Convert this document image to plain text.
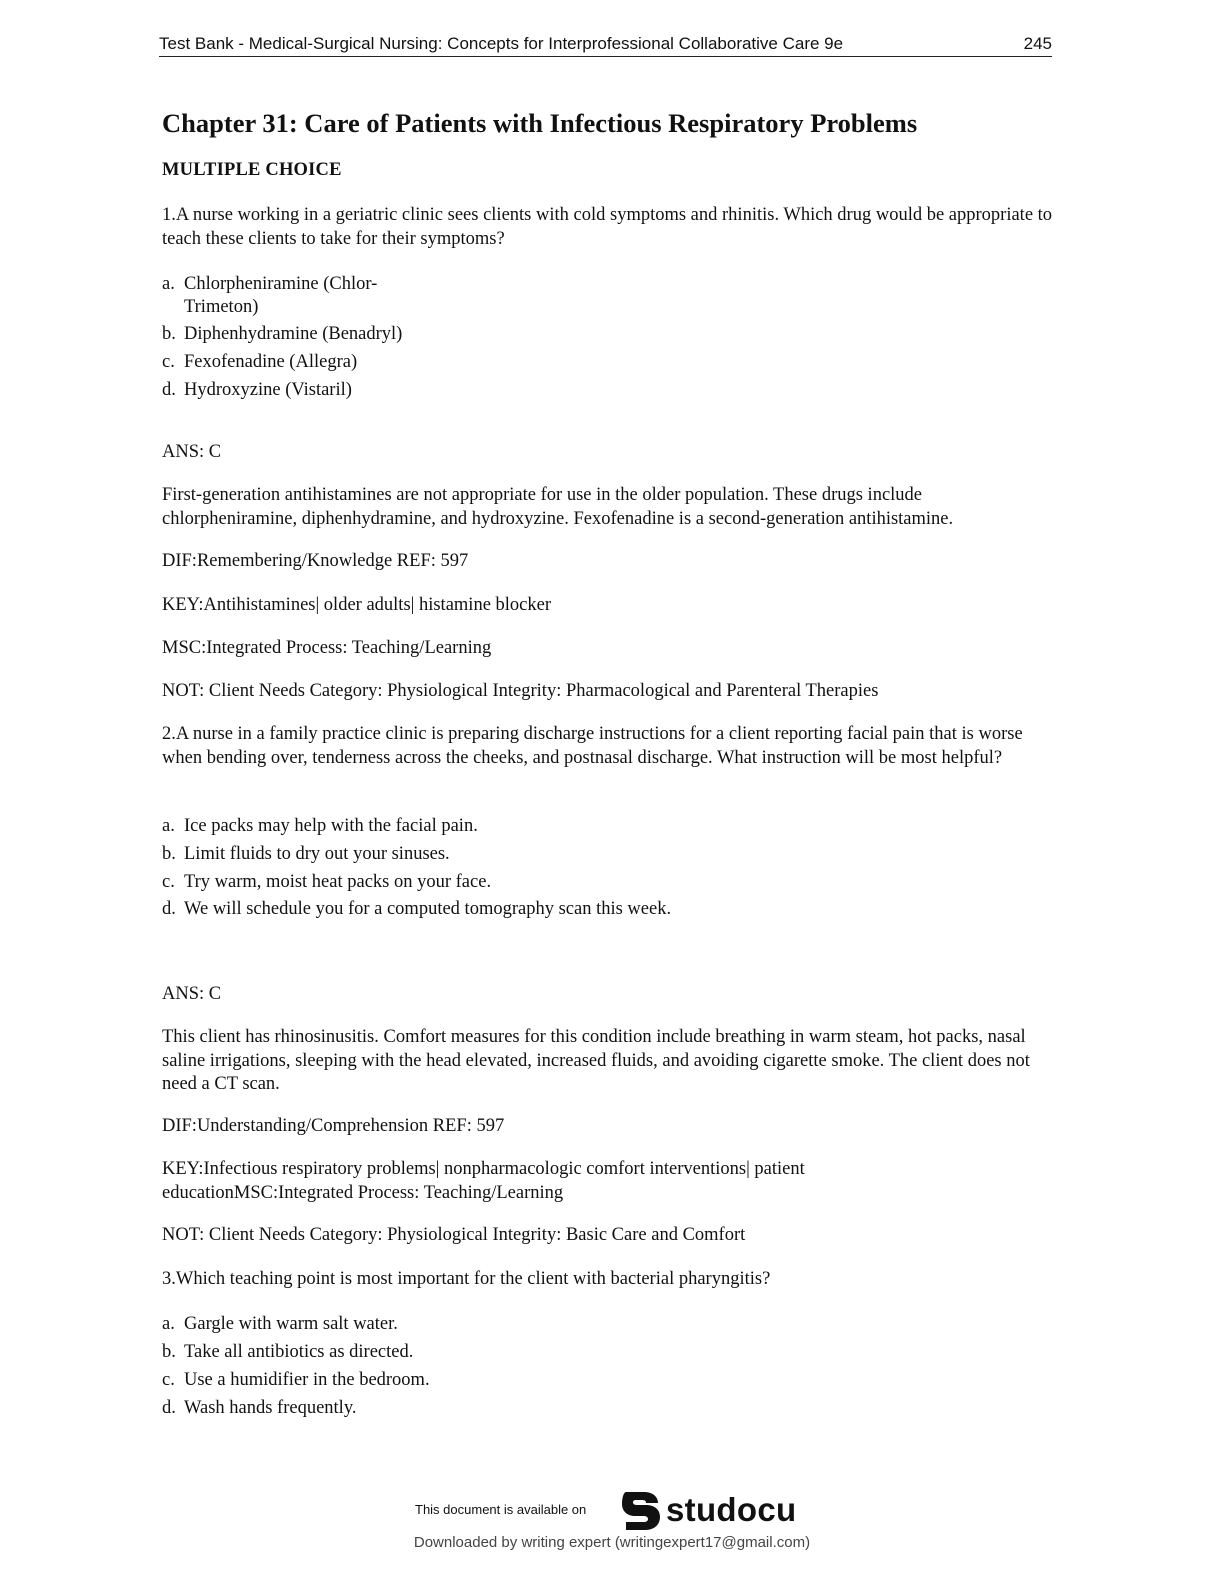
Test Bank - Medical-Surgical Nursing: Concepts for Interprofessional Collaborative Care 9e	245
Chapter 31: Care of Patients with Infectious Respiratory Problems
MULTIPLE CHOICE
1.A nurse working in a geriatric clinic sees clients with cold symptoms and rhinitis. Which drug would be appropriate to teach these clients to take for their symptoms?
a. Chlorpheniramine (Chlor-Trimeton)
b. Diphenhydramine (Benadryl)
c. Fexofenadine (Allegra)
d. Hydroxyzine (Vistaril)
ANS: C
First-generation antihistamines are not appropriate for use in the older population. These drugs include chlorpheniramine, diphenhydramine, and hydroxyzine. Fexofenadine is a second-generation antihistamine.
DIF:Remembering/Knowledge REF: 597
KEY:Antihistamines| older adults| histamine blocker
MSC:Integrated Process: Teaching/Learning
NOT: Client Needs Category: Physiological Integrity: Pharmacological and Parenteral Therapies
2.A nurse in a family practice clinic is preparing discharge instructions for a client reporting facial pain that is worse when bending over, tenderness across the cheeks, and postnasal discharge. What instruction will be most helpful?
a. Ice packs may help with the facial pain.
b. Limit fluids to dry out your sinuses.
c. Try warm, moist heat packs on your face.
d. We will schedule you for a computed tomography scan this week.
ANS: C
This client has rhinosinusitis. Comfort measures for this condition include breathing in warm steam, hot packs, nasal saline irrigations, sleeping with the head elevated, increased fluids, and avoiding cigarette smoke. The client does not need a CT scan.
DIF:Understanding/Comprehension REF: 597
KEY:Infectious respiratory problems| nonpharmacologic comfort interventions| patient educationMSC:Integrated Process: Teaching/Learning
NOT: Client Needs Category: Physiological Integrity: Basic Care and Comfort
3.Which teaching point is most important for the client with bacterial pharyngitis?
a. Gargle with warm salt water.
b. Take all antibiotics as directed.
c. Use a humidifier in the bedroom.
d. Wash hands frequently.
This document is available on studocu
Downloaded by writing expert (writingexpert17@gmail.com)
